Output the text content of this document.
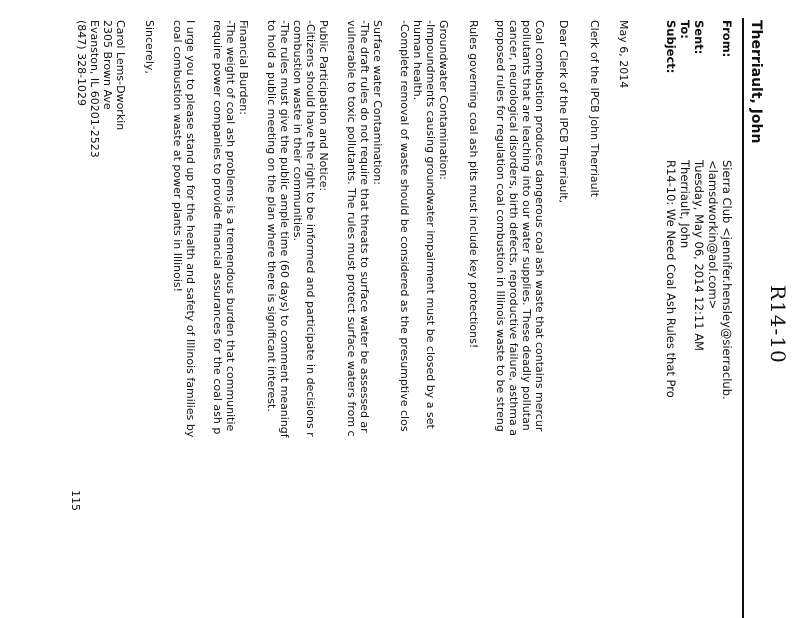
R14-10
Therriault, John
From:
Sierra Club <jennifer.hensley@sierraclub.
<lamsdworkin@aol.com>
Sent:
Tuesday, May 06, 2014 12:11 AM
To:
Therriault, John
Subject:
R14-10: We Need Coal Ash Rules that Pro
May 6, 2014
Clerk of the IPCB John Therriault
Dear Clerk of the IPCB Therriault,
Coal combustion produces dangerous coal ash waste that contains mercur
pollutants that are leaching into our water supplies. These deadly pollutan
cancer, neurological disorders, birth defects, reproductive failure, asthma a
proposed rules for regulation coal combustion in Illinois waste to be streng
Rules governing coal ash pits must include key protections!
Groundwater Contamination:
-Impoundments causing groundwater impairment must be closed by a set
human health.
-Complete removal of waste should be considered as the presumptive clos
Surface water Contamination:
-The draft rules do not require that threats to surface water be assessed ar
vulnerable to toxic pollutants. The rules must protect surface waters from c
Public Participation and Notice:
-Citizens should have the right to be informed and participate in decisions r
combustion waste in their communities.
-The rules must give the public ample time (60 days) to comment meaningf
to hold a public meeting on the plan where there is significant interest.
Financial Burden:
-The weight of coal ash problems is a tremendous burden that communitie
require power companies to provide financial assurances for the coal ash p
I urge you to please stand up for the health and safety of Illinois families by
coal combustion waste at power plants in Illinois!
Sincerely,
Carol Lems-Dworkin
2305 Brown Ave
Evanston, IL 60201-2523
(847) 328-1029
115
